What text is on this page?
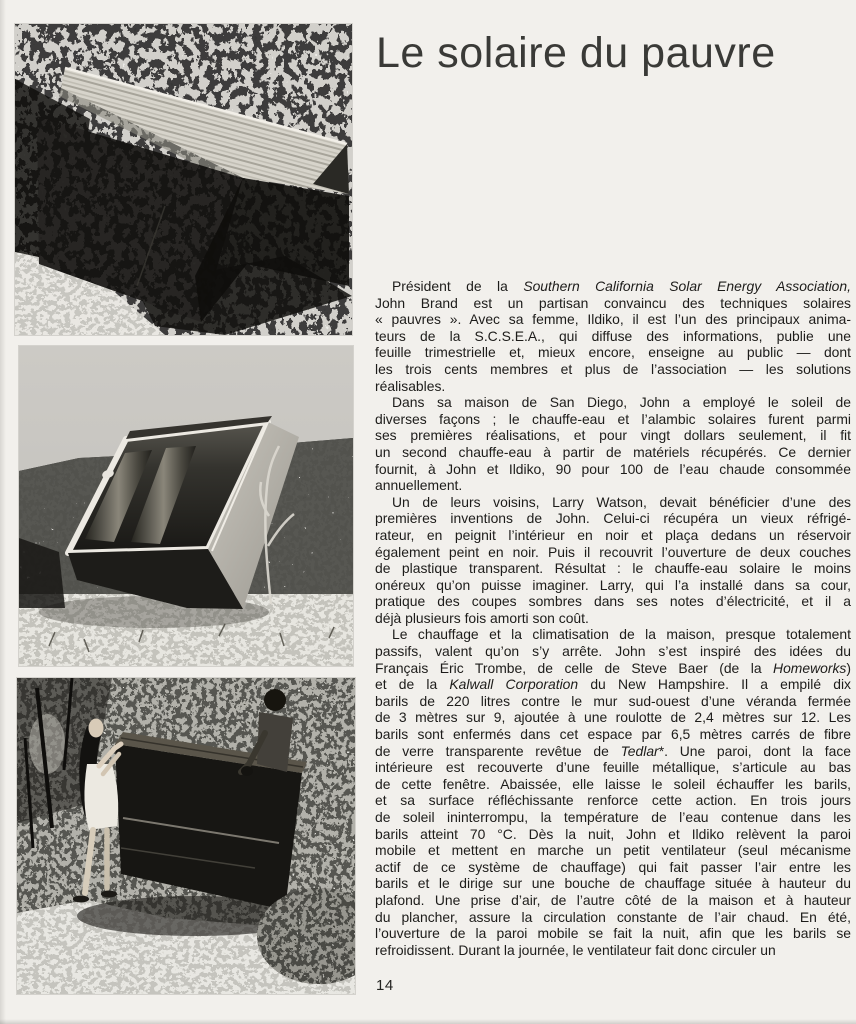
Le solaire du pauvre
Président de la Southern California Solar Energy Association,
John Brand est un partisan convaincu des techniques solaires
« pauvres ». Avec sa femme, Ildiko, il est l’un des principaux anima-
teurs de la S.C.S.E.A., qui diffuse des informations, publie une
feuille trimestrielle et, mieux encore, enseigne au public — dont
les trois cents membres et plus de l’association — les solutions
réalisables.
Dans sa maison de San Diego, John a employé le soleil de
diverses façons ; le chauffe-eau et l’alambic solaires furent parmi
ses premières réalisations, et pour vingt dollars seulement, il fit
un second chauffe-eau à partir de matériels récupérés. Ce dernier
fournit, à John et Ildiko, 90 pour 100 de l’eau chaude consommée
annuellement.
Un de leurs voisins, Larry Watson, devait bénéficier d’une des
premières inventions de John. Celui-ci récupéra un vieux réfrigé-
rateur, en peignit l’intérieur en noir et plaça dedans un réservoir
également peint en noir. Puis il recouvrit l’ouverture de deux couches
de plastique transparent. Résultat : le chauffe-eau solaire le moins
onéreux qu’on puisse imaginer. Larry, qui l’a installé dans sa cour,
pratique des coupes sombres dans ses notes d’électricité, et il a
déjà plusieurs fois amorti son coût.
Le chauffage et la climatisation de la maison, presque totalement
passifs, valent qu’on s’y arrête. John s’est inspiré des idées du
Français Éric Trombe, de celle de Steve Baer (de la Homeworks)
et de la Kalwall Corporation du New Hampshire. Il a empilé dix
barils de 220 litres contre le mur sud-ouest d’une véranda fermée
de 3 mètres sur 9, ajoutée à une roulotte de 2,4 mètres sur 12. Les
barils sont enfermés dans cet espace par 6,5 mètres carrés de fibre
de verre transparente revêtue de Tedlar*. Une paroi, dont la face
intérieure est recouverte d’une feuille métallique, s’articule au bas
de cette fenêtre. Abaissée, elle laisse le soleil échauffer les barils,
et sa surface réfléchissante renforce cette action. En trois jours
de soleil ininterrompu, la température de l’eau contenue dans les
barils atteint 70 °C. Dès la nuit, John et Ildiko relèvent la paroi
mobile et mettent en marche un petit ventilateur (seul mécanisme
actif de ce système de chauffage) qui fait passer l’air entre les
barils et le dirige sur une bouche de chauffage située à hauteur du
plafond. Une prise d’air, de l’autre côté de la maison et à hauteur
du plancher, assure la circulation constante de l’air chaud. En été,
l’ouverture de la paroi mobile se fait la nuit, afin que les barils se
refroidissent. Durant la journée, le ventilateur fait donc circuler un
14
